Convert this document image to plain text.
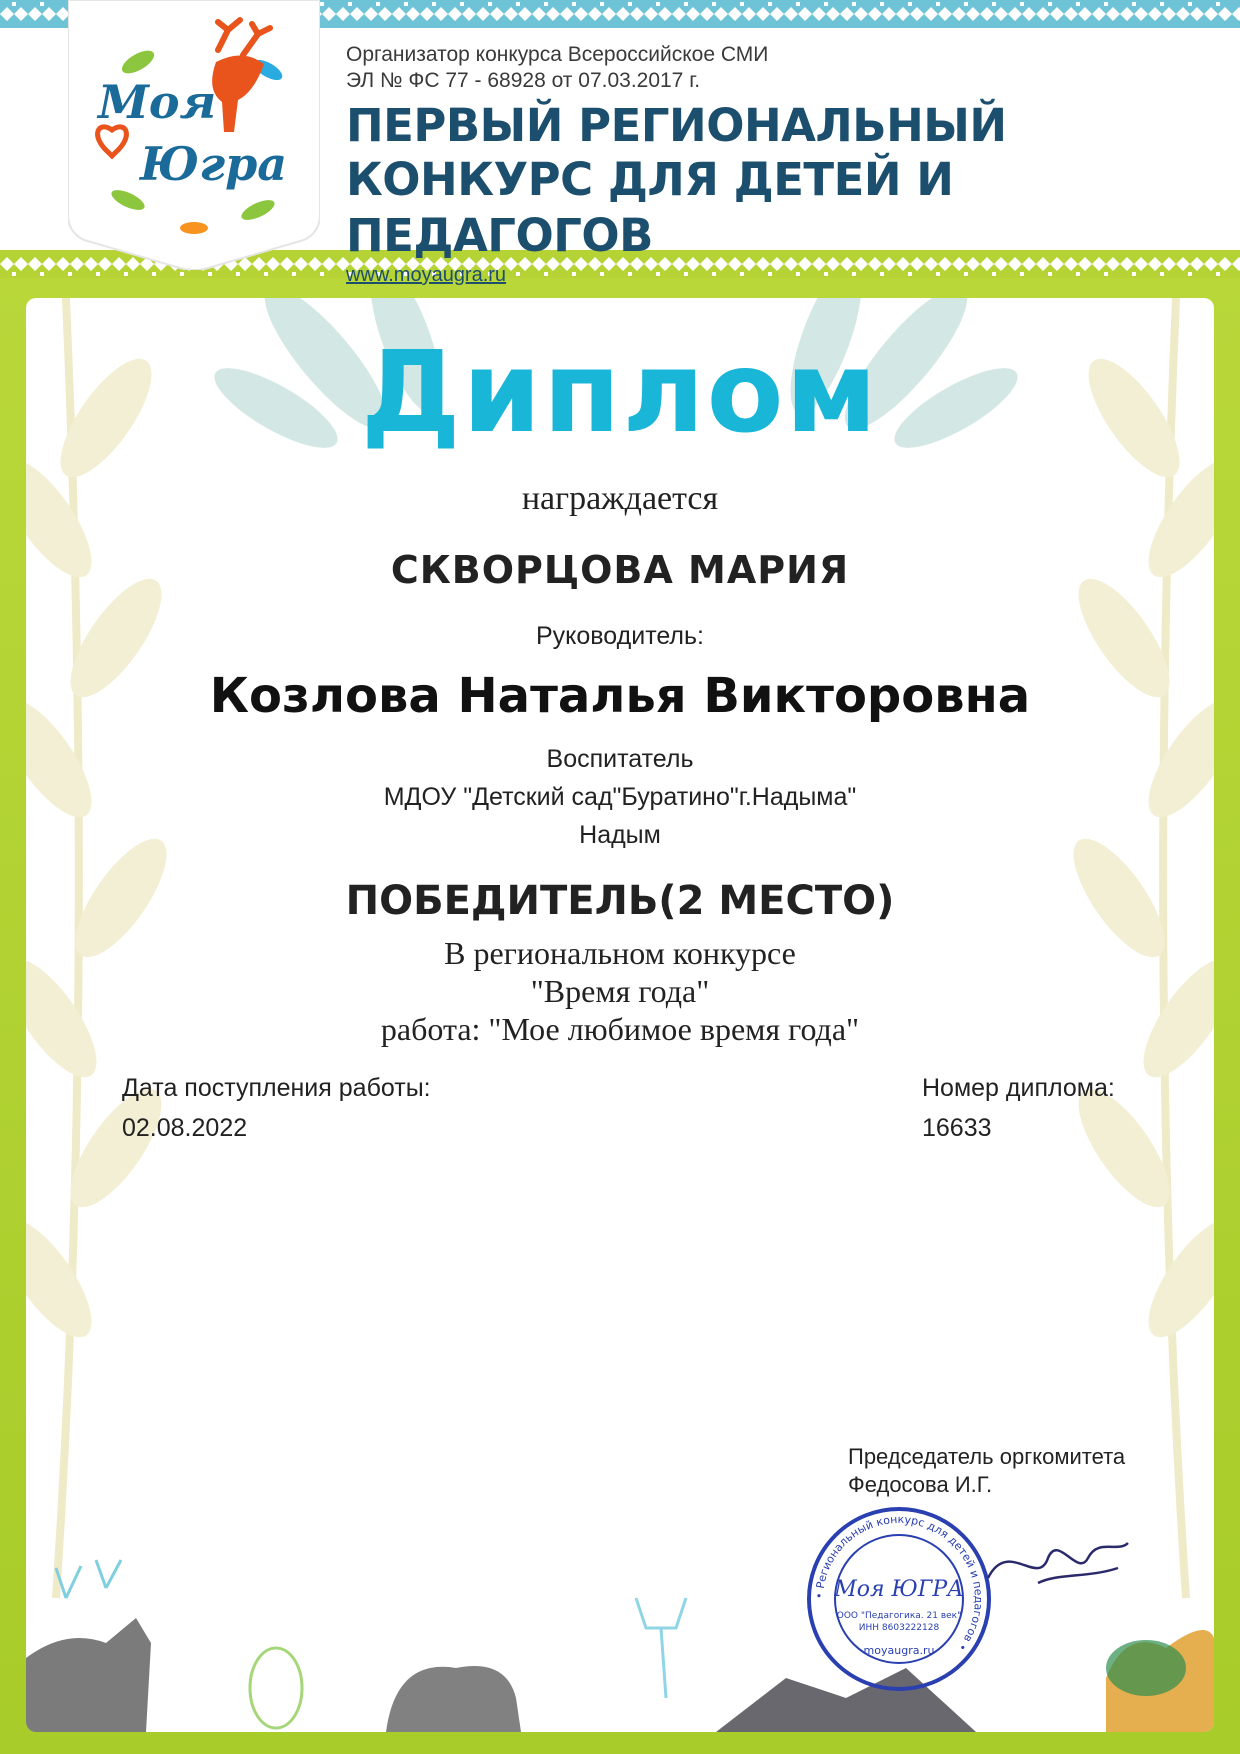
Моя
Югра
Организатор конкурса Всероссийское СМИ
ЭЛ № ФС 77 - 68928 от 07.03.2017 г.
ПЕРВЫЙ РЕГИОНАЛЬНЫЙ
КОНКУРС ДЛЯ ДЕТЕЙ И ПЕДАГОГОВ
www.moyaugra.ru
Диплом
награждается
СКВОРЦОВА МАРИЯ
Руководитель:
Козлова Наталья Викторовна
Воспитатель
МДОУ "Детский сад"Буратино"г.Надыма"
Надым
ПОБЕДИТЕЛЬ(2 МЕСТО)
В региональном конкурсе
"Время года"
работа: "Мое любимое время года"
Дата поступления работы:
02.08.2022
Номер диплома:
16633
Председатель оргкомитета
Федосова И.Г.
• Региональный конкурс для детей и педагогов •
Моя ЮГРА
ООО "Педагогика. 21 век"
ИНН 8603222128
moyaugra.ru
